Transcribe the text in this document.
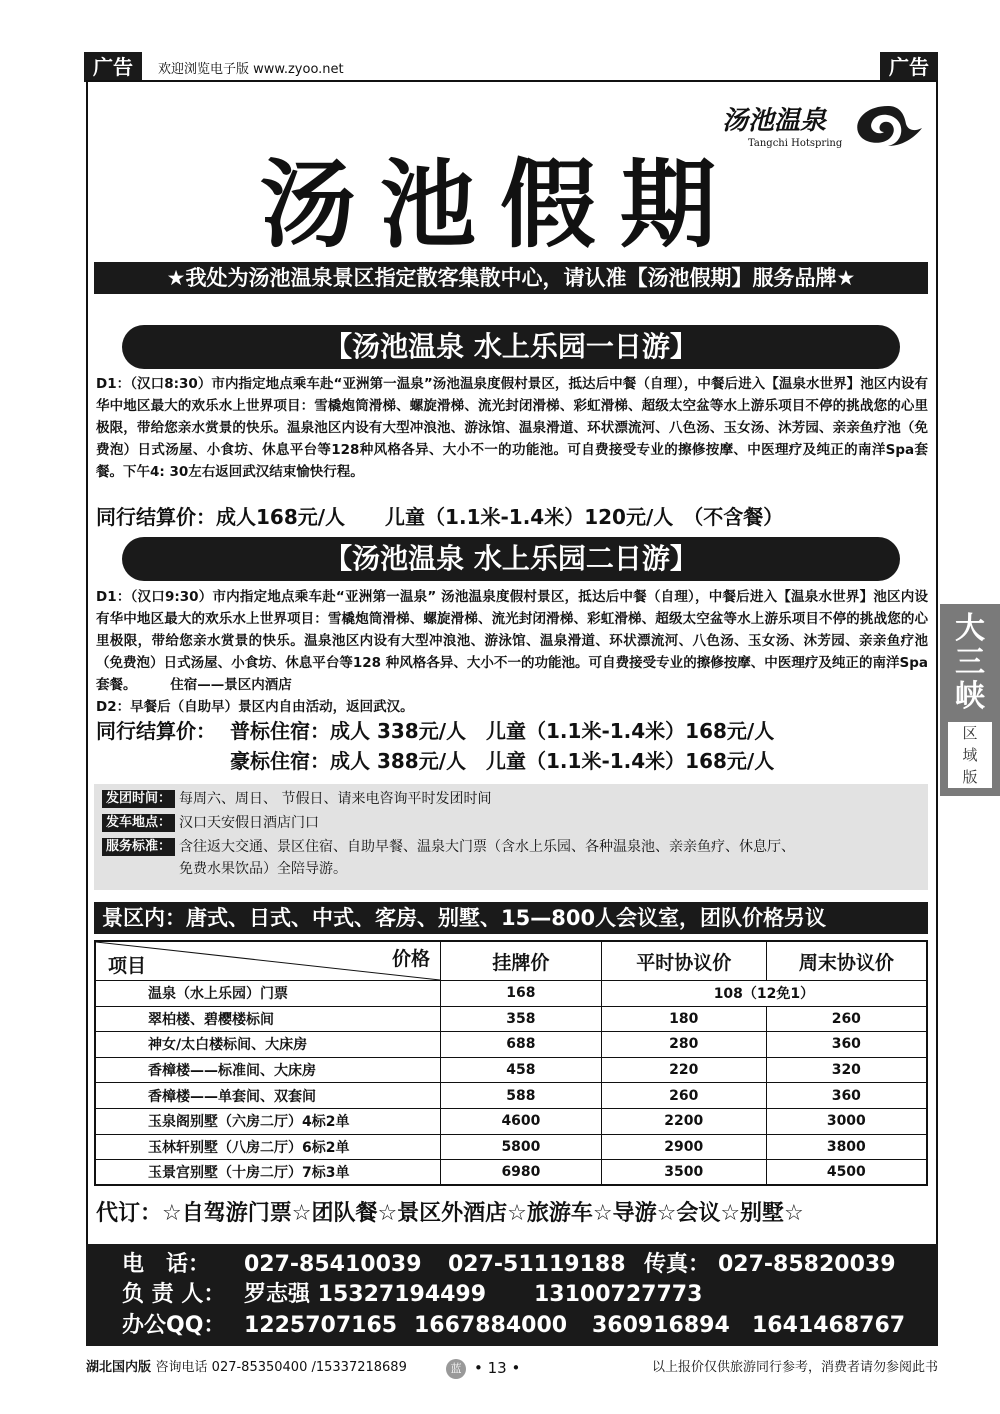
广告	欢迎浏览电子版 www.zyoo.net	广告
汤池温泉
Tangchi Hotspring
汤池假期
★我处为汤池温泉景区指定散客集散中心，请认准【汤池假期】服务品牌★
【汤池温泉 水上乐园一日游】
D1：（汉口8:30）市内指定地点乘车赴“亚洲第一温泉”汤池温泉度假村景区，抵达后中餐（自理），中餐后进入【温泉水世界】池区内设有华中地区最大的欢乐水上世界项目：雪橇炮筒滑梯、螺旋滑梯、流光封闭滑梯、彩虹滑梯、超级太空盆等水上游乐项目不停的挑战您的心里极限，带给您亲水赏景的快乐。温泉池区内设有大型冲浪池、游泳馆、温泉滑道、环状漂流河、八色汤、玉女汤、沐芳园、亲亲鱼疗池（免费泡）日式汤屋、小食坊、休息平台等128种风格各异、大小不一的功能池。可自费接受专业的擦修按摩、中医理疗及纯正的南洋Spa套餐。下午4: 30左右返回武汉结束愉快行程。
同行结算价：成人168元/人　　儿童（1.1米-1.4米）120元/人　（不含餐）
【汤池温泉 水上乐园二日游】
D1：（汉口9:30）市内指定地点乘车赴“亚洲第一温泉” 汤池温泉度假村景区，抵达后中餐（自理），中餐后进入【温泉水世界】池区内设有华中地区最大的欢乐水上世界项目：雪橇炮筒滑梯、螺旋滑梯、流光封闭滑梯、彩虹滑梯、超级太空盆等水上游乐项目不停的挑战您的心里极限，带给您亲水赏景的快乐。温泉池区内设有大型冲浪池、游泳馆、温泉滑道、环状漂流河、八色汤、玉女汤、沐芳园、亲亲鱼疗池（免费泡）日式汤屋、小食坊、休息平台等128 种风格各异、大小不一的功能池。可自费接受专业的擦修按摩、中医理疗及纯正的南洋Spa套餐。　　　住宿——景区内酒店
D2：早餐后（自助早）景区内自由活动，返回武汉。
同行结算价： 普标住宿：成人 338元/人　儿童（1.1米-1.4米）168元/人
豪标住宿：成人 388元/人　儿童（1.1米-1.4米）168元/人
发团时间： 每周六、周日、 节假日、请来电咨询平时发团时间
发车地点： 汉口天安假日酒店门口
服务标准： 含往返大交通、景区住宿、自助早餐、温泉大门票（含水上乐园、各种温泉池、亲亲鱼疗、休息厅、
免费水果饮品）全陪导游。
景区内：唐式、日式、中式、客房、别墅、15—800人会议室，团队价格另议
项目 价格	挂牌价	平时协议价	周末协议价
温泉（水上乐园）门票	168	108（12免1）	
翠柏楼、碧樱楼标间	358	180	260
神女/太白楼标间、大床房	688	280	360
香樟楼——标准间、大床房	458	220	320
香樟楼——单套间、双套间	588	260	360
玉泉阁别墅（六房二厅）4标2单	4600	2200	3000
玉林轩别墅（八房二厅）6标2单	5800	2900	3800
玉景宫别墅（十房二厅）7标3单	6980	3500	4500
代订：☆自驾游门票☆团队餐☆景区外酒店☆旅游车☆导游☆会议☆别墅☆
电　话： 027-85410039 027-51119188 传真： 027-85820039
负 责 人： 罗志强 15327194499 13100727773
办公QQ： 1225707165 1667884000 360916894 1641468767
大三峡
区域版
湖北国内版 咨询电话 027-85350400 /15337218689	蓝 • 13 •	以上报价仅供旅游同行参考，消费者请勿参阅此书
